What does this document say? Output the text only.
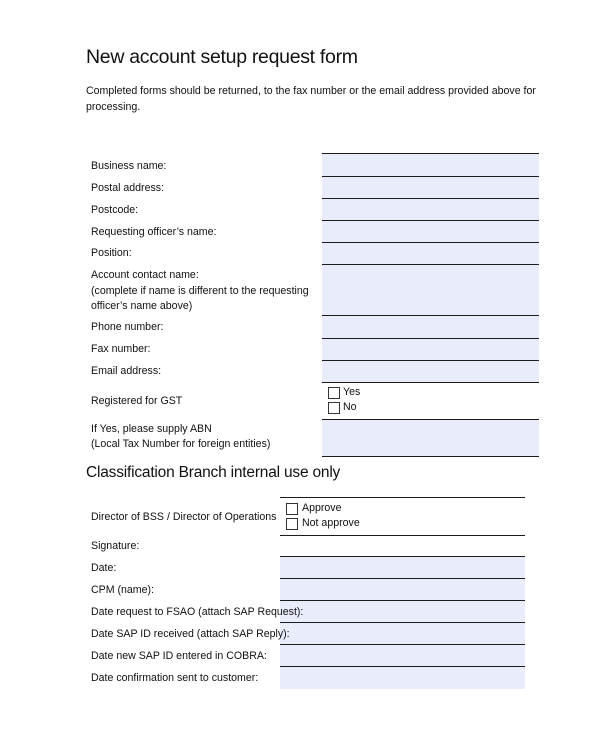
New account setup request form
Completed forms should be returned, to the fax number or the email address provided above for processing.
Business name:
Postal address:
Postcode:
Requesting officer’s name:
Position:
Account contact name:
(complete if name is different to the requesting
officer’s name above)
Phone number:
Fax number:
Email address:
Registered for GST
If Yes, please supply ABN
(Local Tax Number for foreign entities)
Yes
No
Classification Branch internal use only
Director of BSS / Director of Operations
Approve
Not approve
Signature:
Date:
CPM (name):
Date request to FSAO (attach SAP Request):
Date SAP ID received (attach SAP Reply):
Date new SAP ID entered in COBRA:
Date confirmation sent to customer:
